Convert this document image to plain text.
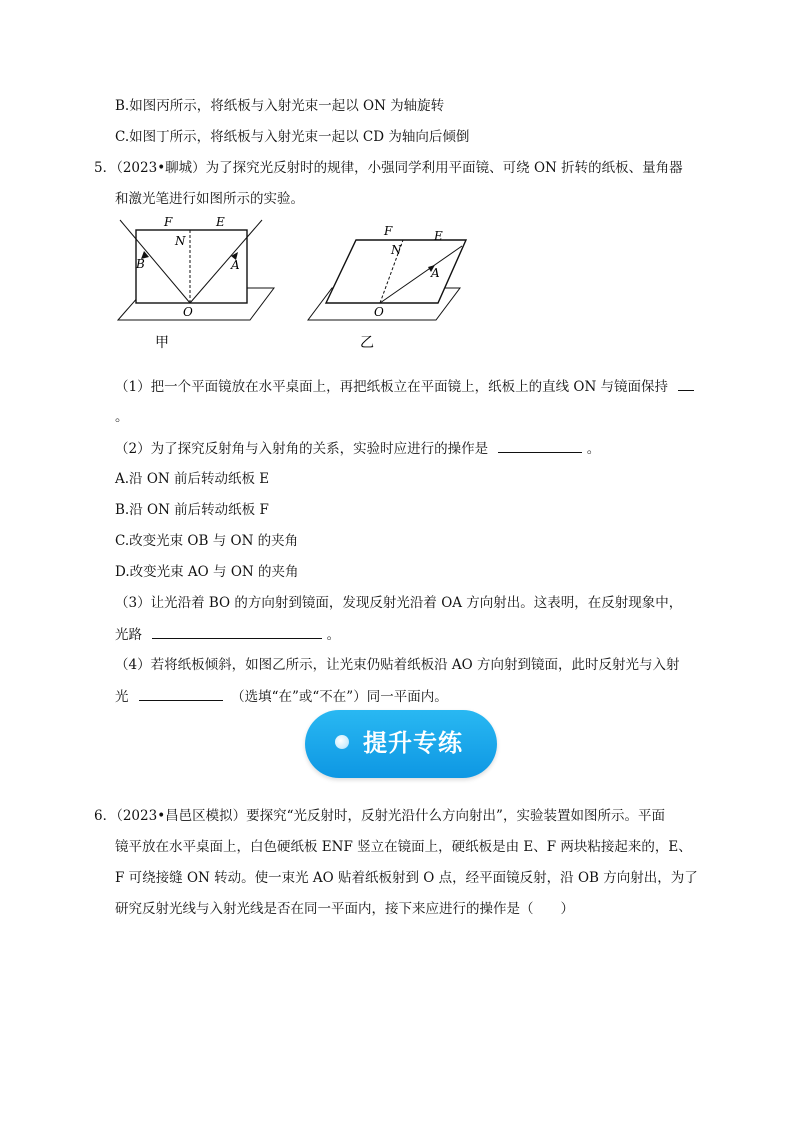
B.如图丙所示，将纸板与入射光束一起以 ON 为轴旋转
C.如图丁所示，将纸板与入射光束一起以 CD 为轴向后倾倒
5．（2023•聊城）为了探究光反射时的规律，小强同学利用平面镜、可绕 ON 折转的纸板、量角器
和激光笔进行如图所示的实验。
F	E
N
B	A
O
甲
F	E
N
A
O
乙
（1）把一个平面镜放在水平桌面上，再把纸板立在平面镜上，纸板上的直线 ON 与镜面保持
。
（2）为了探究反射角与入射角的关系，实验时应进行的操作是	。
A.沿 ON 前后转动纸板 E
B.沿 ON 前后转动纸板 F
C.改变光束 OB 与 ON 的夹角
D.改变光束 AO 与 ON 的夹角
（3）让光沿着 BO 的方向射到镜面，发现反射光沿着 OA 方向射出。这表明，在反射现象中，
光路	。
（4）若将纸板倾斜，如图乙所示，让光束仍贴着纸板沿 AO 方向射到镜面，此时反射光与入射
光	（选填“在”或“不在”）同一平面内。
提升专练
6．（2023•昌邑区模拟）要探究“光反射时，反射光沿什么方向射出”，实验装置如图所示。平面
镜平放在水平桌面上，白色硬纸板 ENF 竖立在镜面上，硬纸板是由 E、F 两块粘接起来的，E、
F 可绕接缝 ON 转动。使一束光 AO 贴着纸板射到 O 点，经平面镜反射，沿 OB 方向射出，为了
研究反射光线与入射光线是否在同一平面内，接下来应进行的操作是（　　）
